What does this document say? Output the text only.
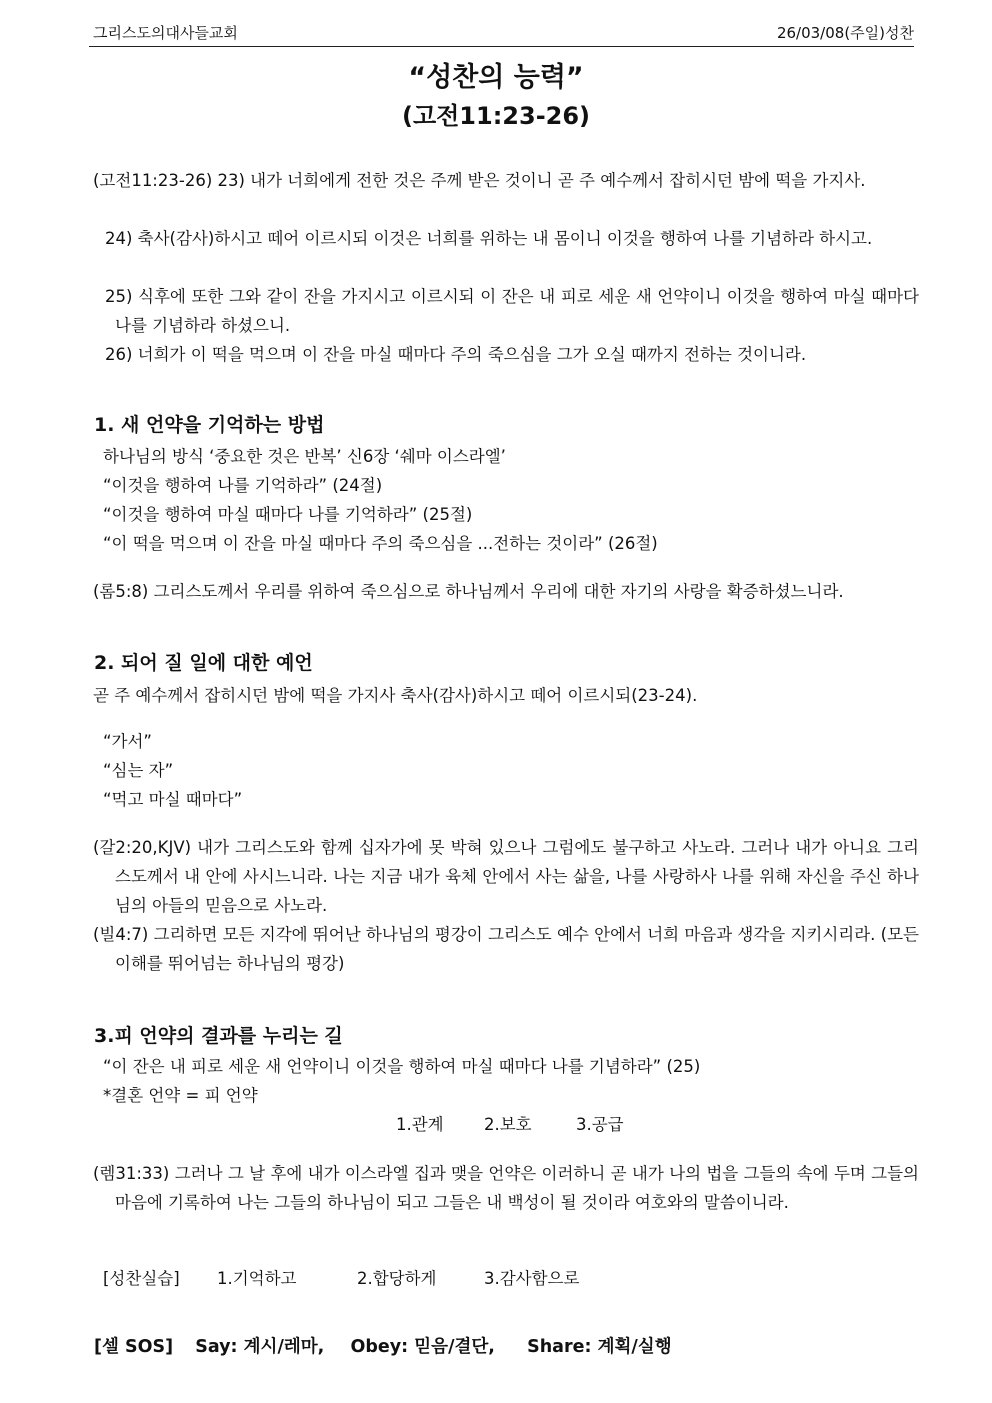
그리스도의대사들교회	26/03/08(주일)성찬
“성찬의 능력”
(고전11:23-26)
(고전11:23-26) 23) 내가 너희에게 전한 것은 주께 받은 것이니 곧 주 예수께서 잡히시던 밤에 떡을 가지사.
24) 축사(감사)하시고 떼어 이르시되 이것은 너희를 위하는 내 몸이니 이것을 행하여 나를 기념하라 하시고.
25) 식후에 또한 그와 같이 잔을 가지시고 이르시되 이 잔은 내 피로 세운 새 언약이니 이것을 행하여 마실 때마다 나를 기념하라 하셨으니.
26) 너희가 이 떡을 먹으며 이 잔을 마실 때마다 주의 죽으심을 그가 오실 때까지 전하는 것이니라.
1. 새 언약을 기억하는 방법
하나님의 방식 ‘중요한 것은 반복’ 신6장 ‘쉐마 이스라엘’
“이것을 행하여 나를 기억하라” (24절)
“이것을 행하여 마실 때마다 나를 기억하라” (25절)
“이 떡을 먹으며 이 잔을 마실 때마다 주의 죽으심을 ...전하는 것이라” (26절)
(롬5:8) 그리스도께서 우리를 위하여 죽으심으로 하나님께서 우리에 대한 자기의 사랑을 확증하셨느니라.
2. 되어 질 일에 대한 예언
곧 주 예수께서 잡히시던 밤에 떡을 가지사 축사(감사)하시고 떼어 이르시되(23-24).
“가서”
“심는 자”
“먹고 마실 때마다”
(갈2:20,KJV) 내가 그리스도와 함께 십자가에 못 박혀 있으나 그럼에도 불구하고 사노라. 그러나 내가 아니요 그리스도께서 내 안에 사시느니라. 나는 지금 내가 육체 안에서 사는 삶을, 나를 사랑하사 나를 위해 자신을 주신 하나님의 아들의 믿음으로 사노라.
(빌4:7) 그리하면 모든 지각에 뛰어난 하나님의 평강이 그리스도 예수 안에서 너희 마음과 생각을 지키시리라. (모든 이해를 뛰어넘는 하나님의 평강)
3.피 언약의 결과를 누리는 길
“이 잔은 내 피로 세운 새 언약이니 이것을 행하여 마실 때마다 나를 기념하라” (25)
*결혼 언약 = 피 언약
1.관계 2.보호	3.공급
(렘31:33) 그러나 그 날 후에 내가 이스라엘 집과 맺을 언약은 이러하니 곧 내가 나의 법을 그들의 속에 두며 그들의 마음에 기록하여 나는 그들의 하나님이 되고 그들은 내 백성이 될 것이라 여호와의 말씀이니라.
[성찬실습] 1.기억하고	2.합당하게	3.감사함으로
[셀 SOS] Say: 계시/레마, Obey: 믿음/결단, Share: 계획/실행
